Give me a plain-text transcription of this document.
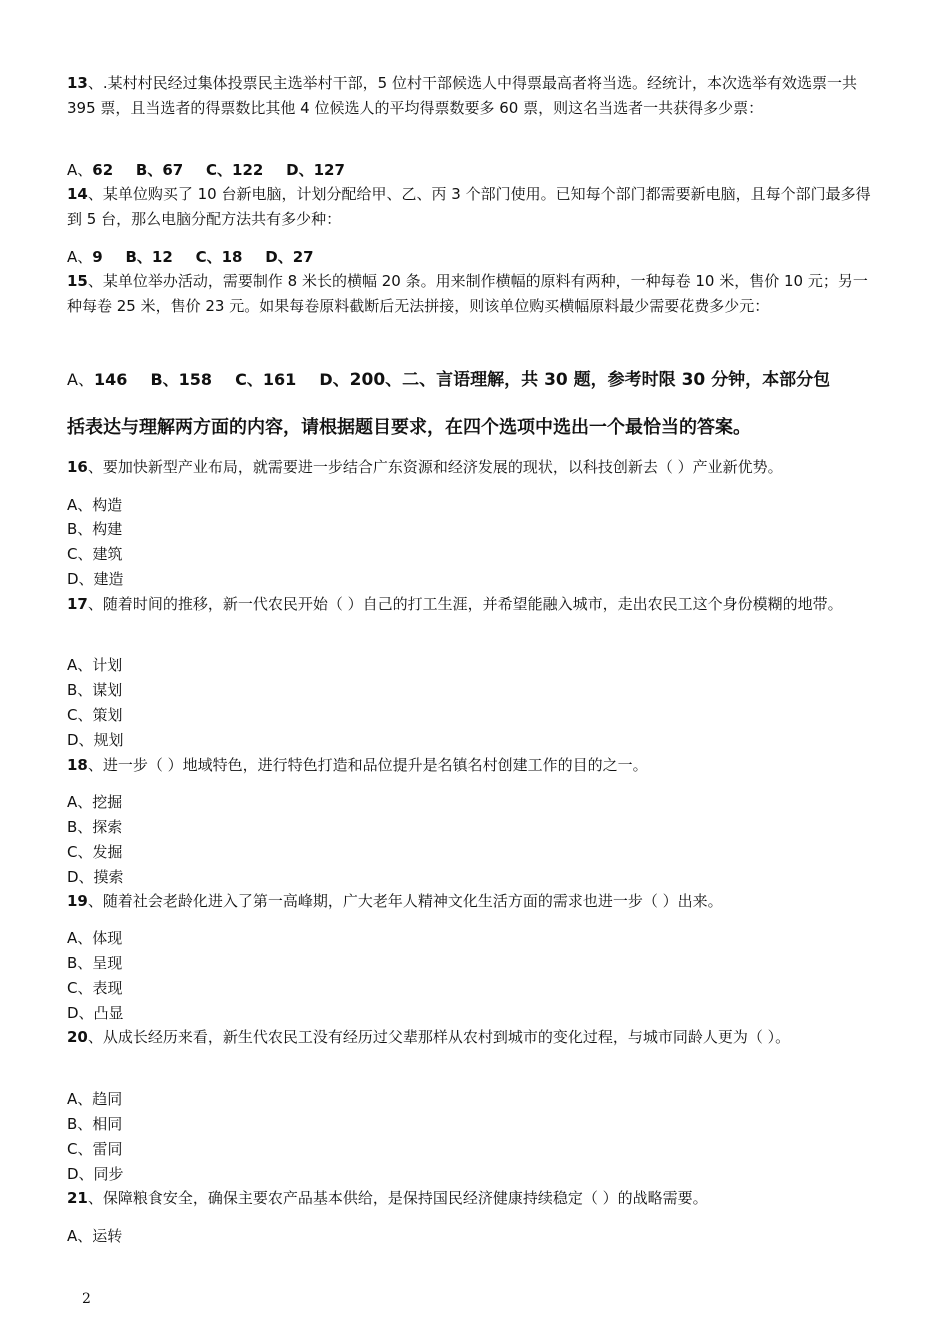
13、.某村村民经过集体投票民主选举村干部，5 位村干部候选人中得票最高者将当选。经统计，本次选举有效选票一共 395 票，且当选者的得票数比其他 4 位候选人的平均得票数要多 60 票，则这名当选者一共获得多少票：
A、62 B、67 C、122 D、127
14、某单位购买了 10 台新电脑，计划分配给甲、乙、丙 3 个部门使用。已知每个部门都需要新电脑，且每个部门最多得到 5 台，那么电脑分配方法共有多少种：
A、9 B、12 C、18 D、27
15、某单位举办活动，需要制作 8 米长的横幅 20 条。用来制作横幅的原料有两种，一种每卷 10 米，售价 10 元；另一种每卷 25 米，售价 23 元。如果每卷原料截断后无法拼接，则该单位购买横幅原料最少需要花费多少元：
A、146 B、158 C、161 D、200、二、言语理解，共 30 题，参考时限 30 分钟，本部分包
括表达与理解两方面的内容，请根据题目要求，在四个选项中选出一个最恰当的答案。
16、要加快新型产业布局，就需要进一步结合广东资源和经济发展的现状，以科技创新去（ ）产业新优势。
A、构造
B、构建
C、建筑
D、建造
17、随着时间的推移，新一代农民开始（ ）自己的打工生涯，并希望能融入城市，走出农民工这个身份模糊的地带。
A、计划
B、谋划
C、策划
D、规划
18、进一步（ ）地域特色，进行特色打造和品位提升是名镇名村创建工作的目的之一。
A、挖掘
B、探索
C、发掘
D、摸索
19、随着社会老龄化进入了第一高峰期，广大老年人精神文化生活方面的需求也进一步（ ）出来。
A、体现
B、呈现
C、表现
D、凸显
20、从成长经历来看，新生代农民工没有经历过父辈那样从农村到城市的变化过程，与城市同龄人更为（ ）。
A、趋同
B、相同
C、雷同
D、同步
21、保障粮食安全，确保主要农产品基本供给，是保持国民经济健康持续稳定（ ）的战略需要。
A、运转
2
